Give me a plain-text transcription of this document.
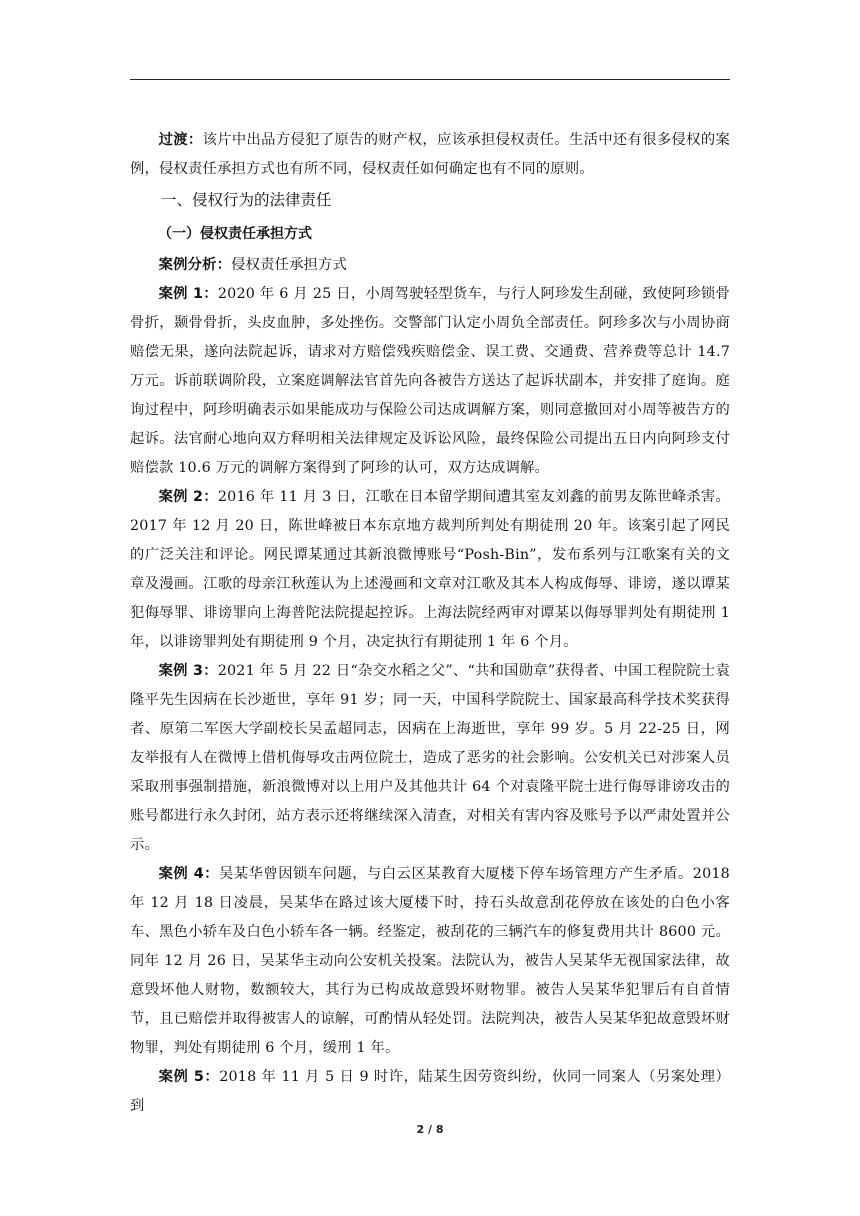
过渡：该片中出品方侵犯了原告的财产权，应该承担侵权责任。生活中还有很多侵权的案例，侵权责任承担方式也有所不同，侵权责任如何确定也有不同的原则。

一、侵权行为的法律责任
（一）侵权责任承担方式

案例分析：侵权责任承担方式

案例 1：2020 年 6 月 25 日，小周驾驶轻型货车，与行人阿珍发生刮碰，致使阿珍锁骨骨折，颞骨骨折，头皮血肿，多处挫伤。交警部门认定小周负全部责任。阿珍多次与小周协商赔偿无果，遂向法院起诉，请求对方赔偿残疾赔偿金、误工费、交通费、营养费等总计 14.7 万元。诉前联调阶段，立案庭调解法官首先向各被告方送达了起诉状副本，并安排了庭询。庭询过程中，阿珍明确表示如果能成功与保险公司达成调解方案，则同意撤回对小周等被告方的起诉。法官耐心地向双方释明相关法律规定及诉讼风险，最终保险公司提出五日内向阿珍支付赔偿款 10.6 万元的调解方案得到了阿珍的认可，双方达成调解。

案例 2：2016 年 11 月 3 日，江歌在日本留学期间遭其室友刘鑫的前男友陈世峰杀害。2017 年 12 月 20 日，陈世峰被日本东京地方裁判所判处有期徒刑 20 年。该案引起了网民的广泛关注和评论。网民谭某通过其新浪微博账号“Posh-Bin”，发布系列与江歌案有关的文章及漫画。江歌的母亲江秋莲认为上述漫画和文章对江歌及其本人构成侮辱、诽谤，遂以谭某犯侮辱罪、诽谤罪向上海普陀法院提起控诉。上海法院经两审对谭某以侮辱罪判处有期徒刑 1 年，以诽谤罪判处有期徒刑 9 个月，决定执行有期徒刑 1 年 6 个月。

案例 3：2021 年 5 月 22 日“杂交水稻之父”、“共和国勋章”获得者、中国工程院院士袁隆平先生因病在长沙逝世，享年 91 岁；同一天，中国科学院院士、国家最高科学技术奖获得者、原第二军医大学副校长吴孟超同志，因病在上海逝世，享年 99 岁。5 月 22-25 日，网友举报有人在微博上借机侮辱攻击两位院士，造成了恶劣的社会影响。公安机关已对涉案人员采取刑事强制措施，新浪微博对以上用户及其他共计 64 个对袁隆平院士进行侮辱诽谤攻击的账号都进行永久封闭，站方表示还将继续深入清查，对相关有害内容及账号予以严肃处置并公示。

案例 4：吴某华曾因锁车问题，与白云区某教育大厦楼下停车场管理方产生矛盾。2018 年 12 月 18 日凌晨，吴某华在路过该大厦楼下时，持石头故意刮花停放在该处的白色小客车、黑色小轿车及白色小轿车各一辆。经鉴定，被刮花的三辆汽车的修复费用共计 8600 元。同年 12 月 26 日，吴某华主动向公安机关投案。法院认为，被告人吴某华无视国家法律，故意毁坏他人财物，数额较大，其行为已构成故意毁坏财物罪。被告人吴某华犯罪后有自首情节，且已赔偿并取得被害人的谅解，可酌情从轻处罚。法院判决，被告人吴某华犯故意毁坏财物罪，判处有期徒刑 6 个月，缓刑 1 年。

案例 5：2018 年 11 月 5 日 9 时许，陆某生因劳资纠纷，伙同一同案人（另案处理）到

2 / 8
